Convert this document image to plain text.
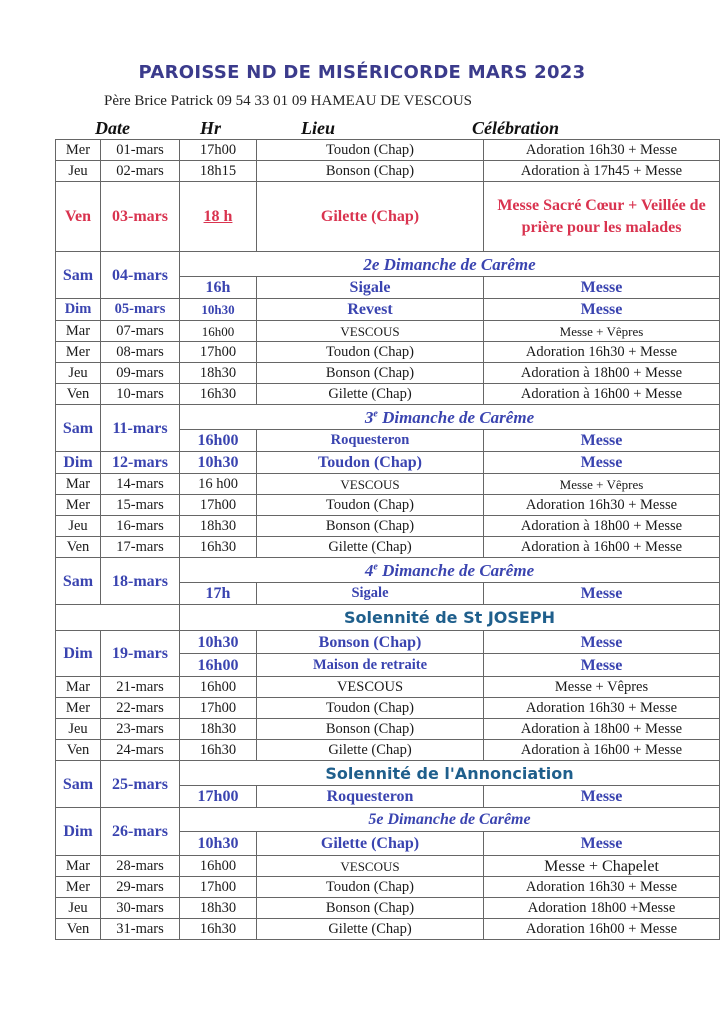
PAROISSE ND DE MISÉRICORDE MARS 2023
Père Brice Patrick 09 54 33 01 09 HAMEAU DE VESCOUS
Date	Hr	Lieu	Célébration
Mer	01-mars	17h00	Toudon (Chap)	Adoration 16h30 + Messe
Jeu	02-mars	18h15	Bonson (Chap)	Adoration à 17h45 + Messe
Ven	03-mars	18 h	Gilette (Chap)	Messe Sacré Cœur + Veillée de prière pour les malades
Sam	04-mars	2e Dimanche de Carême		
		16h	Sigale	Messe
Dim	05-mars	10h30	Revest	Messe
Mar	07-mars	16h00	VESCOUS	Messe + Vêpres
Mer	08-mars	17h00	Toudon (Chap)	Adoration 16h30 + Messe
Jeu	09-mars	18h30	Bonson (Chap)	Adoration à 18h00 + Messe
Ven	10-mars	16h30	Gilette (Chap)	Adoration à 16h00 + Messe
Sam	11-mars	3e Dimanche de Carême		
		16h00	Roquesteron	Messe
Dim	12-mars	10h30	Toudon (Chap)	Messe
Mar	14-mars	16 h00	VESCOUS	Messe + Vêpres
Mer	15-mars	17h00	Toudon (Chap)	Adoration 16h30 + Messe
Jeu	16-mars	18h30	Bonson (Chap)	Adoration à 18h00 + Messe
Ven	17-mars	16h30	Gilette (Chap)	Adoration à 16h00 + Messe
Sam	18-mars	4e Dimanche de Carême		
		17h	Sigale	Messe
		Solennité de St JOSEPH		
Dim	19-mars	10h30	Bonson (Chap)	Messe
		16h00	Maison de retraite	Messe
Mar	21-mars	16h00	VESCOUS	Messe + Vêpres
Mer	22-mars	17h00	Toudon (Chap)	Adoration 16h30 + Messe
Jeu	23-mars	18h30	Bonson (Chap)	Adoration à 18h00 + Messe
Ven	24-mars	16h30	Gilette (Chap)	Adoration à 16h00 + Messe
Sam	25-mars	Solennité de l'Annonciation		
		17h00	Roquesteron	Messe
Dim	26-mars	5e Dimanche de Carême		
		10h30	Gilette (Chap)	Messe
Mar	28-mars	16h00	VESCOUS	Messe + Chapelet
Mer	29-mars	17h00	Toudon (Chap)	Adoration 16h30 + Messe
Jeu	30-mars	18h30	Bonson (Chap)	Adoration 18h00 +Messe
Ven	31-mars	16h30	Gilette (Chap)	Adoration 16h00 + Messe
